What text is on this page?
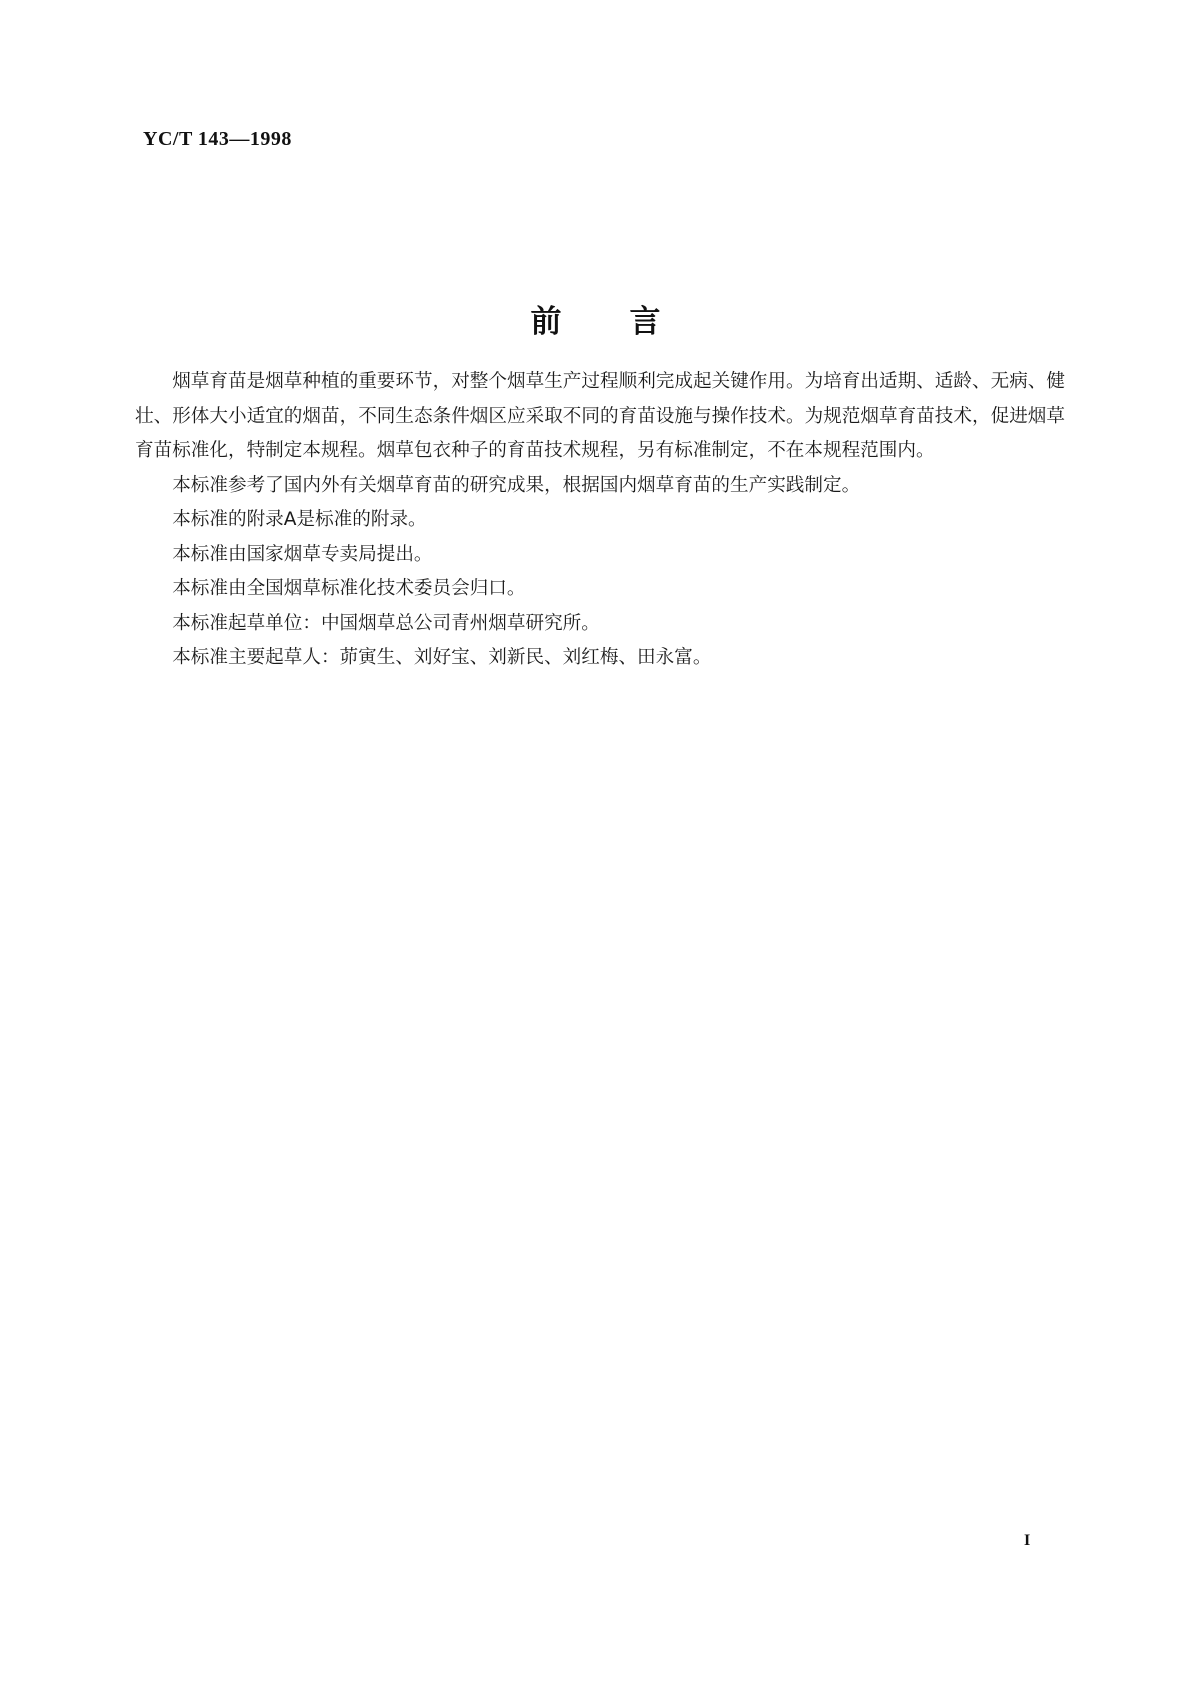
YC/T 143—1998
前言

烟草育苗是烟草种植的重要环节，对整个烟草生产过程顺利完成起关键作用。为培育出适期、适龄、无病、健壮、形体大小适宜的烟苗，不同生态条件烟区应采取不同的育苗设施与操作技术。为规范烟草育苗技术，促进烟草育苗标准化，特制定本规程。烟草包衣种子的育苗技术规程，另有标准制定，不在本规程范围内。

本标准参考了国内外有关烟草育苗的研究成果，根据国内烟草育苗的生产实践制定。

本标准的附录A是标准的附录。

本标准由国家烟草专卖局提出。

本标准由全国烟草标准化技术委员会归口。

本标准起草单位：中国烟草总公司青州烟草研究所。

本标准主要起草人：茆寅生、刘好宝、刘新民、刘红梅、田永富。

I
